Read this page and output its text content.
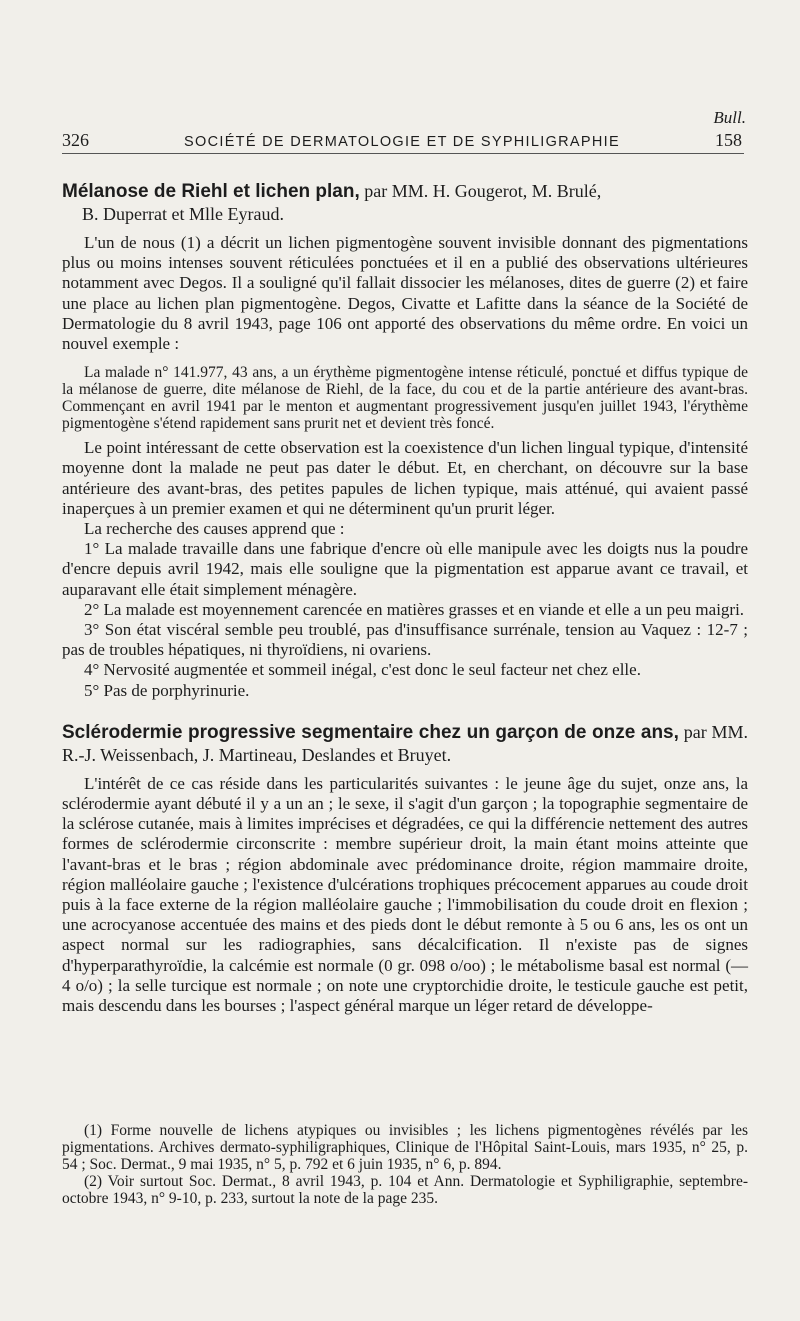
Bull.
326	SOCIÉTÉ DE DERMATOLOGIE ET DE SYPHILIGRAPHIE	158
Mélanose de Riehl et lichen plan, par MM. H. Gougerot, M. Brulé,
B. Duperrat et Mlle Eyraud.

L'un de nous (1) a décrit un lichen pigmentogène souvent invisible donnant des pigmentations plus ou moins intenses souvent réticulées ponctuées et il en a publié des observations ultérieures notamment avec Degos. Il a souligné qu'il fallait dissocier les mélanoses, dites de guerre (2) et faire une place au lichen plan pigmentogène. Degos, Civatte et Lafitte dans la séance de la Société de Dermatologie du 8 avril 1943, page 106 ont apporté des observations du même ordre. En voici un nouvel exemple :

La malade n° 141.977, 43 ans, a un érythème pigmentogène intense réticulé, ponctué et diffus typique de la mélanose de guerre, dite mélanose de Riehl, de la face, du cou et de la partie antérieure des avant-bras. Commençant en avril 1941 par le menton et augmentant progressivement jusqu'en juillet 1943, l'érythème pigmentogène s'étend rapidement sans prurit net et devient très foncé.

Le point intéressant de cette observation est la coexistence d'un lichen lingual typique, d'intensité moyenne dont la malade ne peut pas dater le début. Et, en cherchant, on découvre sur la base antérieure des avant-bras, des petites papules de lichen typique, mais atténué, qui avaient passé inaperçues à un premier examen et qui ne déterminent qu'un prurit léger.

La recherche des causes apprend que :

1° La malade travaille dans une fabrique d'encre où elle manipule avec les doigts nus la poudre d'encre depuis avril 1942, mais elle souligne que la pigmentation est apparue avant ce travail, et auparavant elle était simplement ménagère.

2° La malade est moyennement carencée en matières grasses et en viande et elle a un peu maigri.

3° Son état viscéral semble peu troublé, pas d'insuffisance surrénale, tension au Vaquez : 12-7 ; pas de troubles hépatiques, ni thyroïdiens, ni ovariens.

4° Nervosité augmentée et sommeil inégal, c'est donc le seul facteur net chez elle.

5° Pas de porphyrinurie.

Sclérodermie progressive segmentaire chez un garçon de onze ans, par MM. R.-J. Weissenbach, J. Martineau, Deslandes et Bruyet.

L'intérêt de ce cas réside dans les particularités suivantes : le jeune âge du sujet, onze ans, la sclérodermie ayant débuté il y a un an ; le sexe, il s'agit d'un garçon ; la topographie segmentaire de la sclérose cutanée, mais à limites imprécises et dégradées, ce qui la différencie nettement des autres formes de sclérodermie circonscrite : membre supérieur droit, la main étant moins atteinte que l'avant-bras et le bras ; région abdominale avec prédominance droite, région mammaire droite, région malléolaire gauche ; l'existence d'ulcérations trophiques précocement apparues au coude droit puis à la face externe de la région malléolaire gauche ; l'immobilisation du coude droit en flexion ; une acrocyanose accentuée des mains et des pieds dont le début remonte à 5 ou 6 ans, les os ont un aspect normal sur les radiographies, sans décalcification. Il n'existe pas de signes d'hyperparathyroïdie, la calcémie est normale (0 gr. 098 o/oo) ; le métabolisme basal est normal (— 4 o/o) ; la selle turcique est normale ; on note une cryptorchidie droite, le testicule gauche est petit, mais descendu dans les bourses ; l'aspect général marque un léger retard de développe-

(1) Forme nouvelle de lichens atypiques ou invisibles ; les lichens pigmentogènes révélés par les pigmentations. Archives dermato-syphiligraphiques, Clinique de l'Hôpital Saint-Louis, mars 1935, n° 25, p. 54 ; Soc. Dermat., 9 mai 1935, n° 5, p. 792 et 6 juin 1935, n° 6, p. 894.

(2) Voir surtout Soc. Dermat., 8 avril 1943, p. 104 et Ann. Dermatologie et Syphiligraphie, septembre-octobre 1943, n° 9-10, p. 233, surtout la note de la page 235.
